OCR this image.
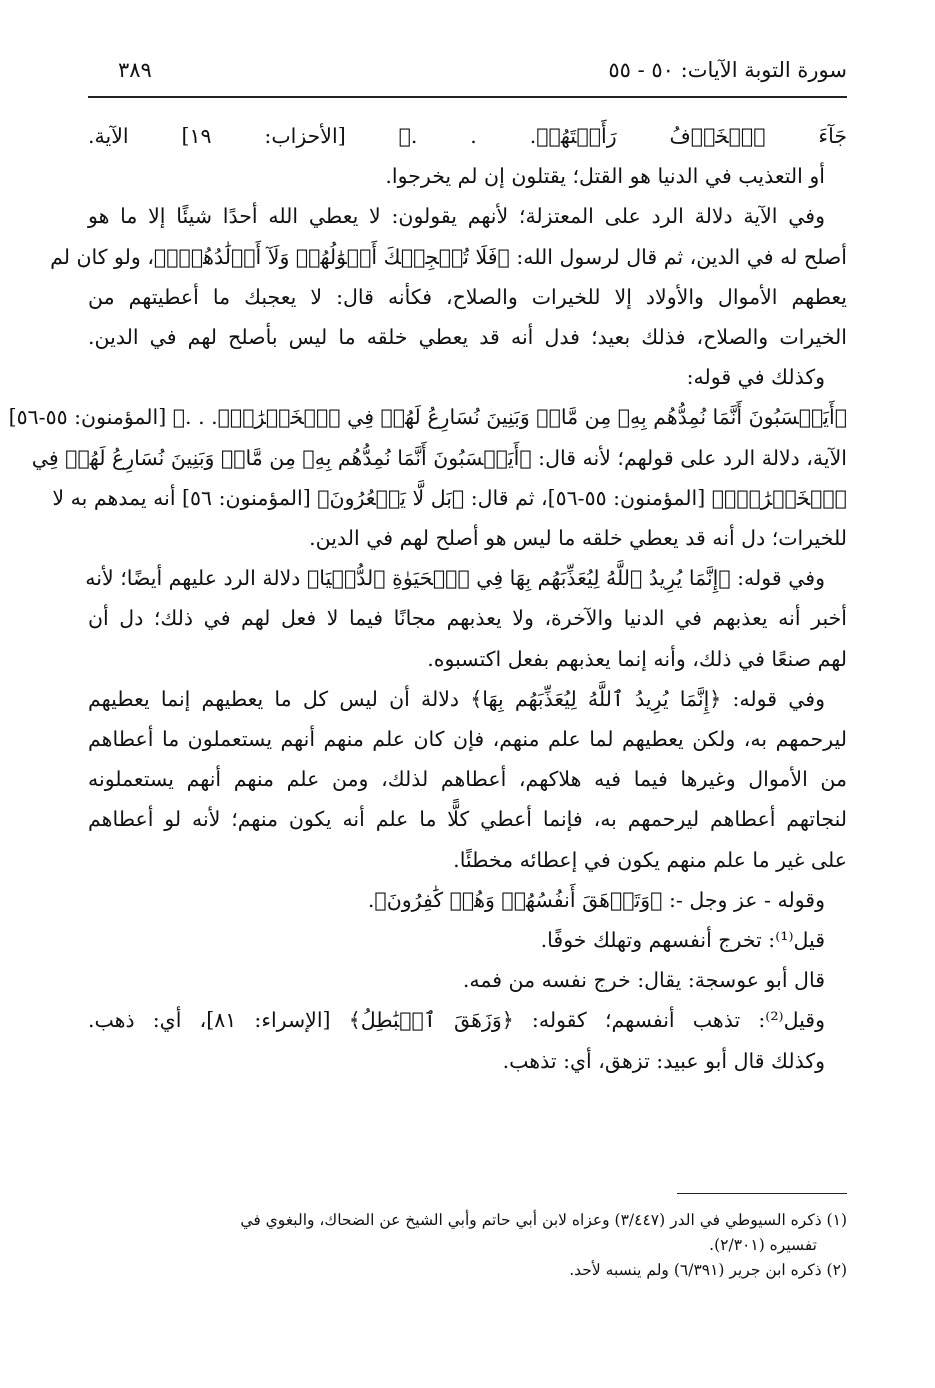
سورة التوبة الآيات: ٥٠ - ٥٥
٣٨٩
جَآءَ ٱلۡخَوۡفُ رَأَيۡتَهُمۡ. . .﴾ [الأحزاب: ١٩] الآية.
أو التعذيب في الدنيا هو القتل؛ يقتلون إن لم يخرجوا.
وفي الآية دلالة الرد على المعتزلة؛ لأنهم يقولون: لا يعطي الله أحدًا شيئًا إلا ما هو
أصلح له في الدين، ثم قال لرسول الله: ﴿فَلَا تُعۡجِبۡكَ أَمۡوَٰلُهُمۡ وَلَآ أَوۡلَٰدُهُمۡۚ﴾، ولو كان لم
يعطهم الأموال والأولاد إلا للخيرات والصلاح، فكأنه قال: لا يعجبك ما أعطيتهم من
الخيرات والصلاح، فذلك بعيد؛ فدل أنه قد يعطي خلقه ما ليس بأصلح لهم في الدين.
وكذلك في قوله:
﴿أَيَحۡسَبُونَ أَنَّمَا نُمِدُّهُم بِهِۦ مِن مَّالٖ وَبَنِينَ نُسَارِعُ لَهُمۡ فِي ٱلۡخَيۡرَٰتِۚ. . .﴾ [المؤمنون: ٥٥-٥٦]
الآية، دلالة الرد على قولهم؛ لأنه قال: ﴿أَيَحۡسَبُونَ أَنَّمَا نُمِدُّهُم بِهِۦ مِن مَّالٖ وَبَنِينَ نُسَارِعُ لَهُمۡ فِي
ٱلۡخَيۡرَٰتِۚ﴾ [المؤمنون: ٥٥-٥٦]، ثم قال: ﴿بَل لَّا يَشۡعُرُونَ﴾ [المؤمنون: ٥٦] أنه يمدهم به لا
للخيرات؛ دل أنه قد يعطي خلقه ما ليس هو أصلح لهم في الدين.
وفي قوله: ﴿إِنَّمَا يُرِيدُ ٱللَّهُ لِيُعَذِّبَهُم بِهَا فِي ٱلۡحَيَوٰةِ ٱلدُّنۡيَا﴾ دلالة الرد عليهم أيضًا؛ لأنه
أخبر أنه يعذبهم في الدنيا والآخرة، ولا يعذبهم مجانًا فيما لا فعل لهم في ذلك؛ دل أن
لهم صنعًا في ذلك، وأنه إنما يعذبهم بفعل اكتسبوه.
وفي قوله: ﴿إِنَّمَا يُرِيدُ ٱللَّهُ لِيُعَذِّبَهُم بِهَا﴾ دلالة أن ليس كل ما يعطيهم إنما يعطيهم
ليرحمهم به، ولكن يعطيهم لما علم منهم، فإن كان علم منهم أنهم يستعملون ما أعطاهم
من الأموال وغيرها فيما فيه هلاكهم، أعطاهم لذلك، ومن علم منهم أنهم يستعملونه
لنجاتهم أعطاهم ليرحمهم به، فإنما أعطي كلًّا ما علم أنه يكون منهم؛ لأنه لو أعطاهم
على غير ما علم منهم يكون في إعطائه مخطئًا.
وقوله - عز وجل -: ﴿وَتَزۡهَقَ أَنفُسُهُمۡ وَهُمۡ كَٰفِرُونَ﴾.
قيل⁽¹⁾: تخرج أنفسهم وتهلك خوفًا.
قال أبو عوسجة: يقال: خرج نفسه من فمه.
وقيل⁽²⁾: تذهب أنفسهم؛ كقوله: ﴿وَزَهَقَ ٱلۡبَٰطِلُ﴾ [الإسراء: ٨١]، أي: ذهب.
وكذلك قال أبو عبيد: تزهق، أي: تذهب.
(١) ذكره السيوطي في الدر (٣/٤٤٧) وعزاه لابن أبي حاتم وأبي الشيخ عن الضحاك، والبغوي في
تفسيره (٢/٣٠١).
(٢) ذكره ابن جرير (٦/٣٩١) ولم ينسبه لأحد.
